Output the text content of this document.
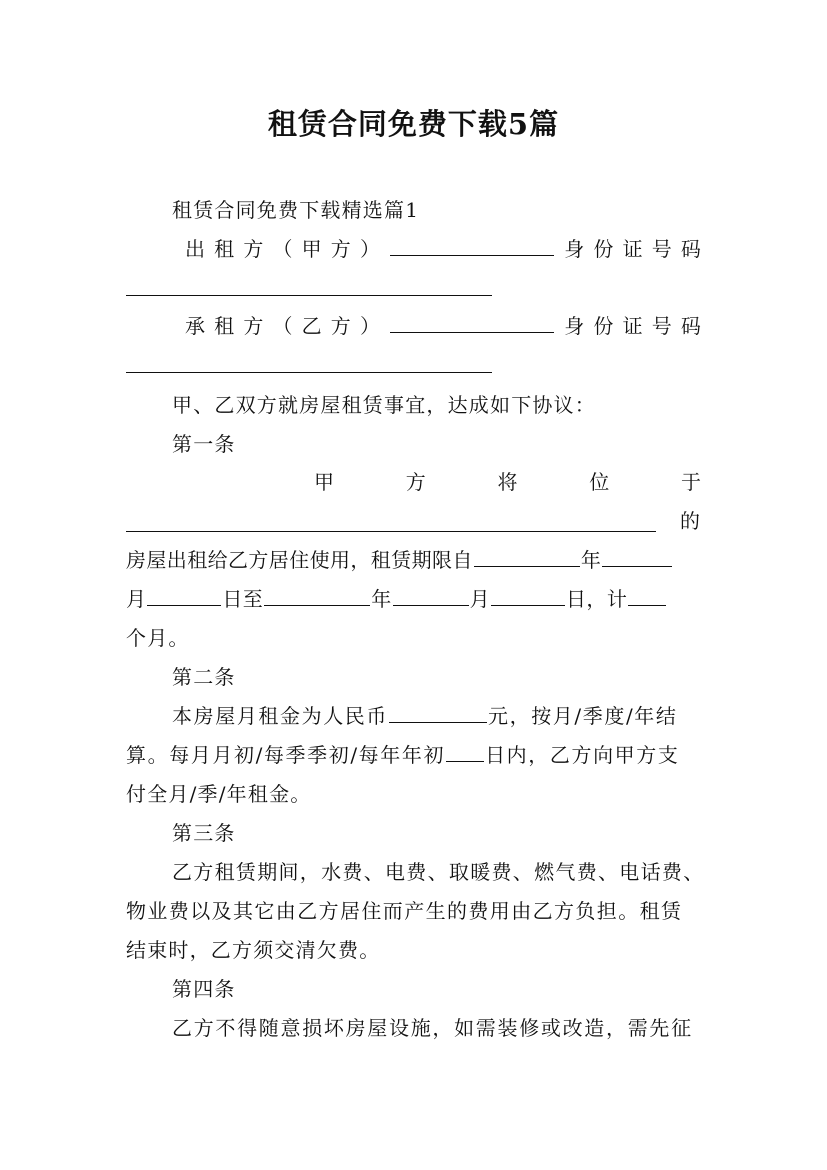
租赁合同免费下载5篇
租赁合同免费下载精选篇1
出 租 方 （ 甲 方 ）	身 份 证 号 码
承 租 方 （ 乙 方 ）	身 份 证 号 码
甲、乙双方就房屋租赁事宜，达成如下协议：
第一条
甲	方	将	位	于
的
房屋出租给乙方居住使用，租赁期限自	年
月	日至	年	月	日，计
个月。
第二条
本房屋月租金为人民币	元，按月/季度/年结
算。每月月初/每季季初/每年年初 日内，乙方向甲方支
付全月/季/年租金。
第三条
乙方租赁期间，水费、电费、取暖费、燃气费、电话费、
物业费以及其它由乙方居住而产生的费用由乙方负担。租赁
结束时，乙方须交清欠费。
第四条
乙方不得随意损坏房屋设施，如需装修或改造，需先征
